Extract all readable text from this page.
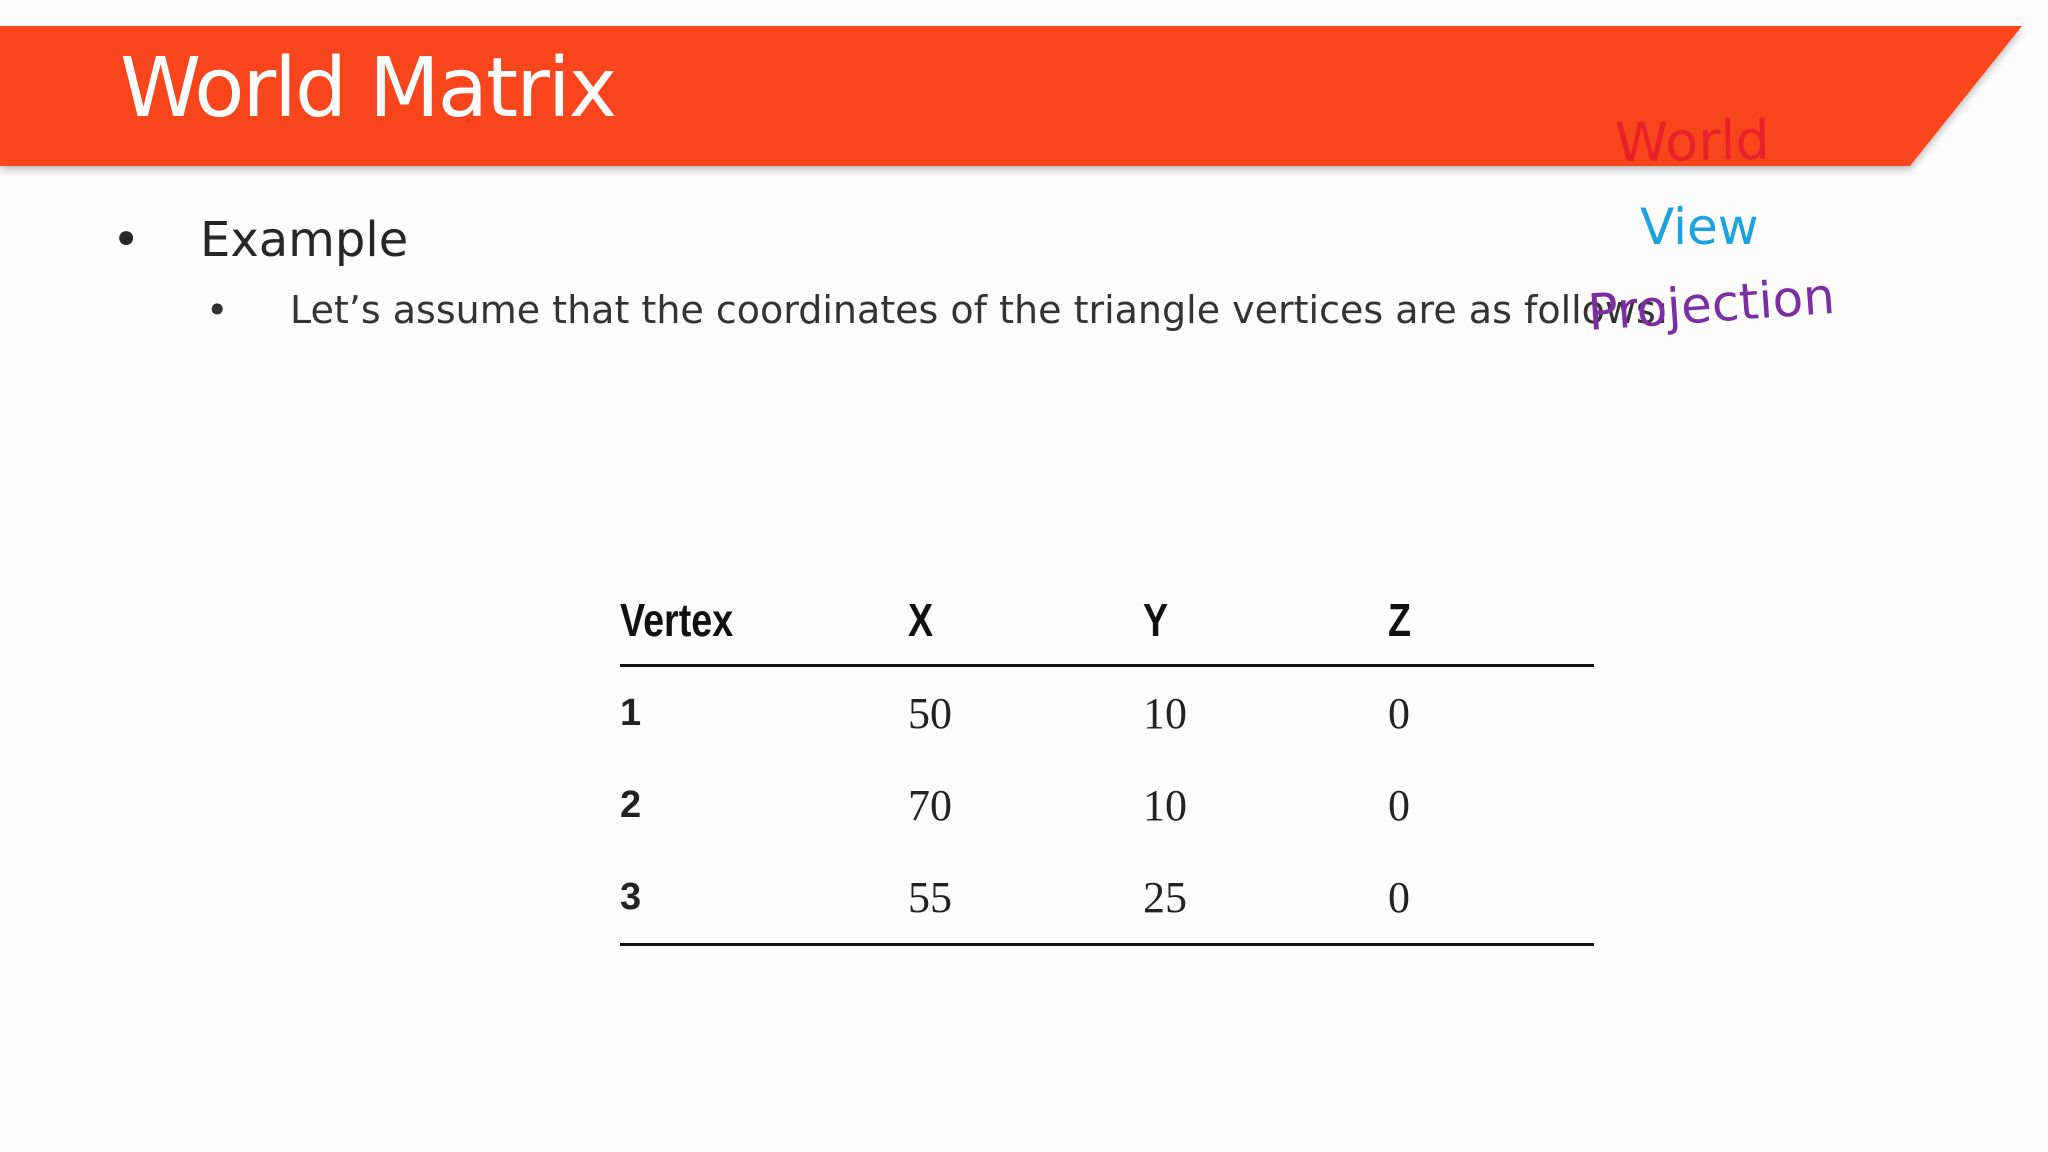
World Matrix
• Example
• Let’s assume that the coordinates of the triangle vertices are as follows:
World
View
Projection
Vertex	X	Y	Z
1	50	10	0
2	70	10	0
3	55	25	0
